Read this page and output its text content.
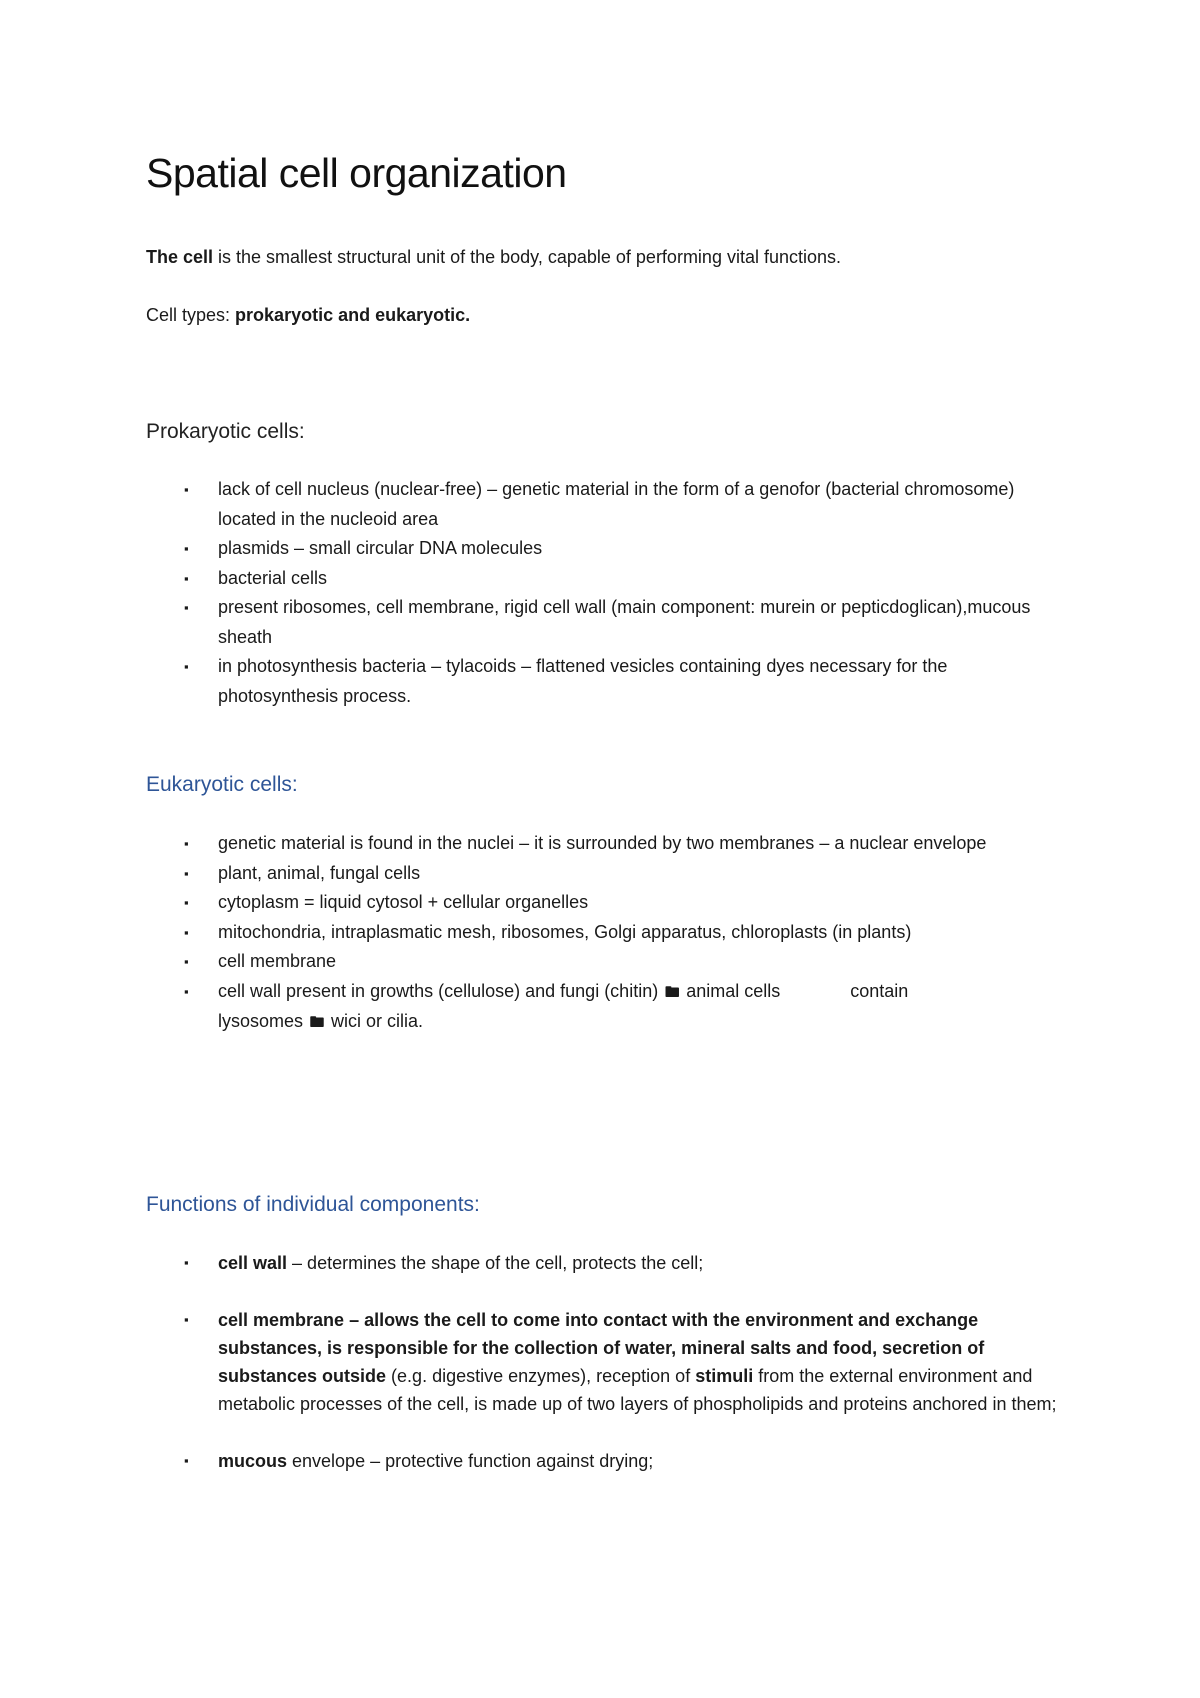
Spatial cell organization

The cell is the smallest structural unit of the body, capable of performing vital functions.

Cell types: prokaryotic and eukaryotic.

Prokaryotic cells:
▪ lack of cell nucleus (nuclear-free) – genetic material in the form of a genofor (bacterial chromosome) located in the nucleoid area
▪ plasmids – small circular DNA molecules
▪ bacterial cells
▪ present ribosomes, cell membrane, rigid cell wall (main component: murein or pepticdoglican),mucous sheath
▪ in photosynthesis bacteria – tylacoids – flattened vesicles containing dyes necessary for the photosynthesis process.
Eukaryotic cells:
▪ genetic material is found in the nuclei – it is surrounded by two membranes – a nuclear envelope
▪ plant, animal, fungal cells
▪ cytoplasm = liquid cytosol + cellular organelles
▪ mitochondria, intraplasmatic mesh, ribosomes, Golgi apparatus, chloroplasts (in plants)
▪ cell membrane
▪ cell wall present in growths (cellulose) and fungi (chitin) 🖿 animal cells	contain
lysosomes 🖿 wici or cilia.
Functions of individual components:
▪ cell wall – determines the shape of the cell, protects the cell;
▪ cell membrane – allows the cell to come into contact with the environment and exchange substances, is responsible for the collection of water, mineral salts and food, secretion of substances outside (e.g. digestive enzymes), reception of stimuli from the external environment and metabolic processes of the cell, is made up of two layers of phospholipids and proteins anchored in them;
▪ mucous envelope – protective function against drying;
